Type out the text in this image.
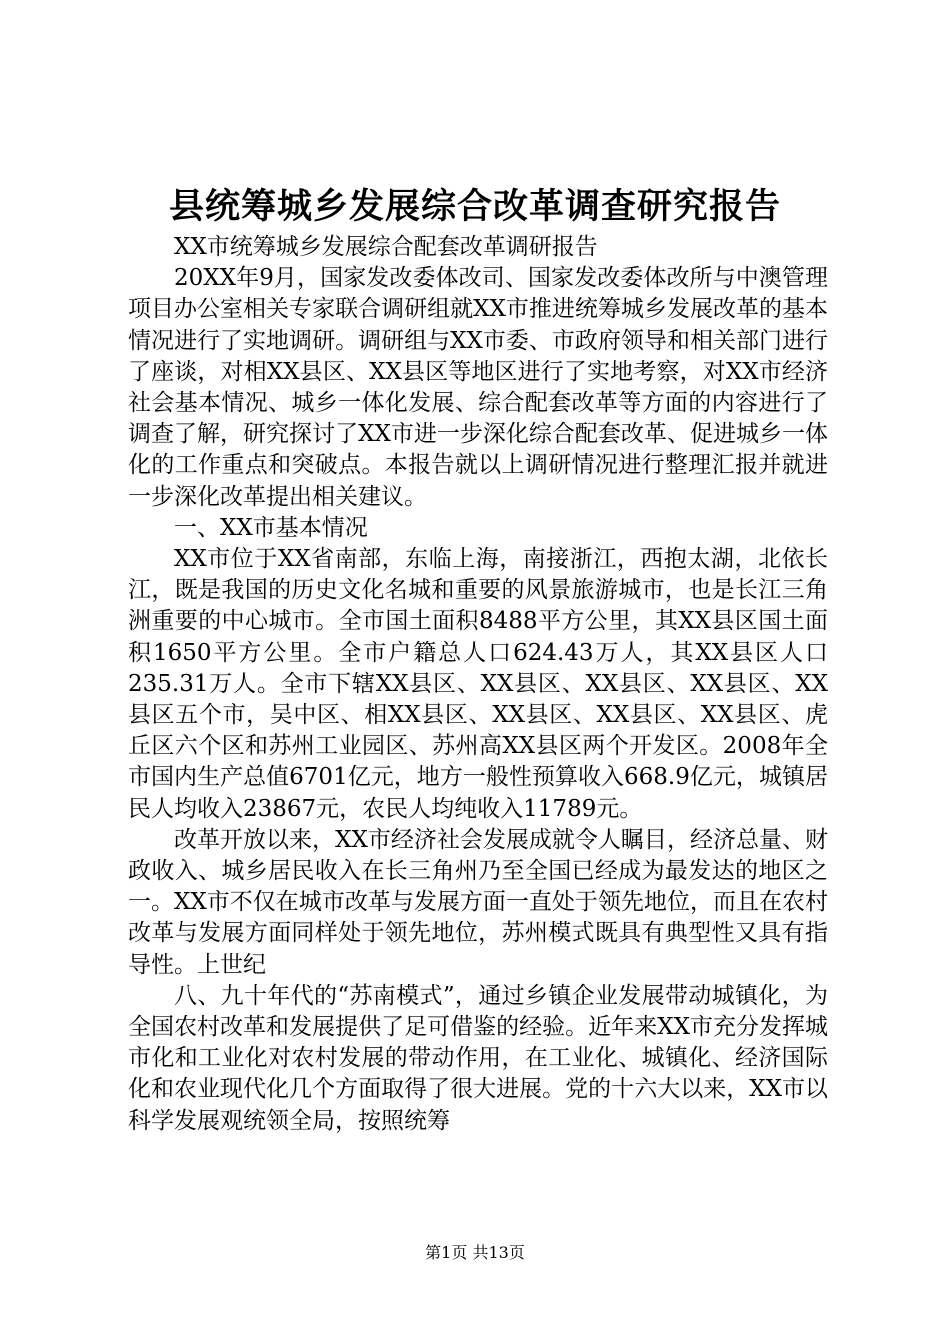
县统筹城乡发展综合改革调查研究报告

XX市统筹城乡发展综合配套改革调研报告

20XX年9月，国家发改委体改司、国家发改委体改所与中澳管理项目办公室相关专家联合调研组就XX市推进统筹城乡发展改革的基本情况进行了实地调研。调研组与XX市委、市政府领导和相关部门进行了座谈，对相XX县区、XX县区等地区进行了实地考察，对XX市经济社会基本情况、城乡一体化发展、综合配套改革等方面的内容进行了调查了解，研究探讨了XX市进一步深化综合配套改革、促进城乡一体化的工作重点和突破点。本报告就以上调研情况进行整理汇报并就进一步深化改革提出相关建议。

一、XX市基本情况

XX市位于XX省南部，东临上海，南接浙江，西抱太湖，北依长江，既是我国的历史文化名城和重要的风景旅游城市，也是长江三角洲重要的中心城市。全市国土面积8488平方公里，其XX县区国土面积1650平方公里。全市户籍总人口624.43万人，其XX县区人口235.31万人。全市下辖XX县区、XX县区、XX县区、XX县区、XX县区五个市，吴中区、相XX县区、XX县区、XX县区、XX县区、虎丘区六个区和苏州工业园区、苏州高XX县区两个开发区。2008年全市国内生产总值6701亿元，地方一般性预算收入668.9亿元，城镇居民人均收入23867元，农民人均纯收入11789元。

改革开放以来，XX市经济社会发展成就令人瞩目，经济总量、财政收入、城乡居民收入在长三角州乃至全国已经成为最发达的地区之一。XX市不仅在城市改革与发展方面一直处于领先地位，而且在农村改革与发展方面同样处于领先地位，苏州模式既具有典型性又具有指导性。上世纪

八、九十年代的“苏南模式”，通过乡镇企业发展带动城镇化，为全国农村改革和发展提供了足可借鉴的经验。近年来XX市充分发挥城市化和工业化对农村发展的带动作用，在工业化、城镇化、经济国际化和农业现代化几个方面取得了很大进展。党的十六大以来，XX市以科学发展观统领全局，按照统筹

第1页 共13页
